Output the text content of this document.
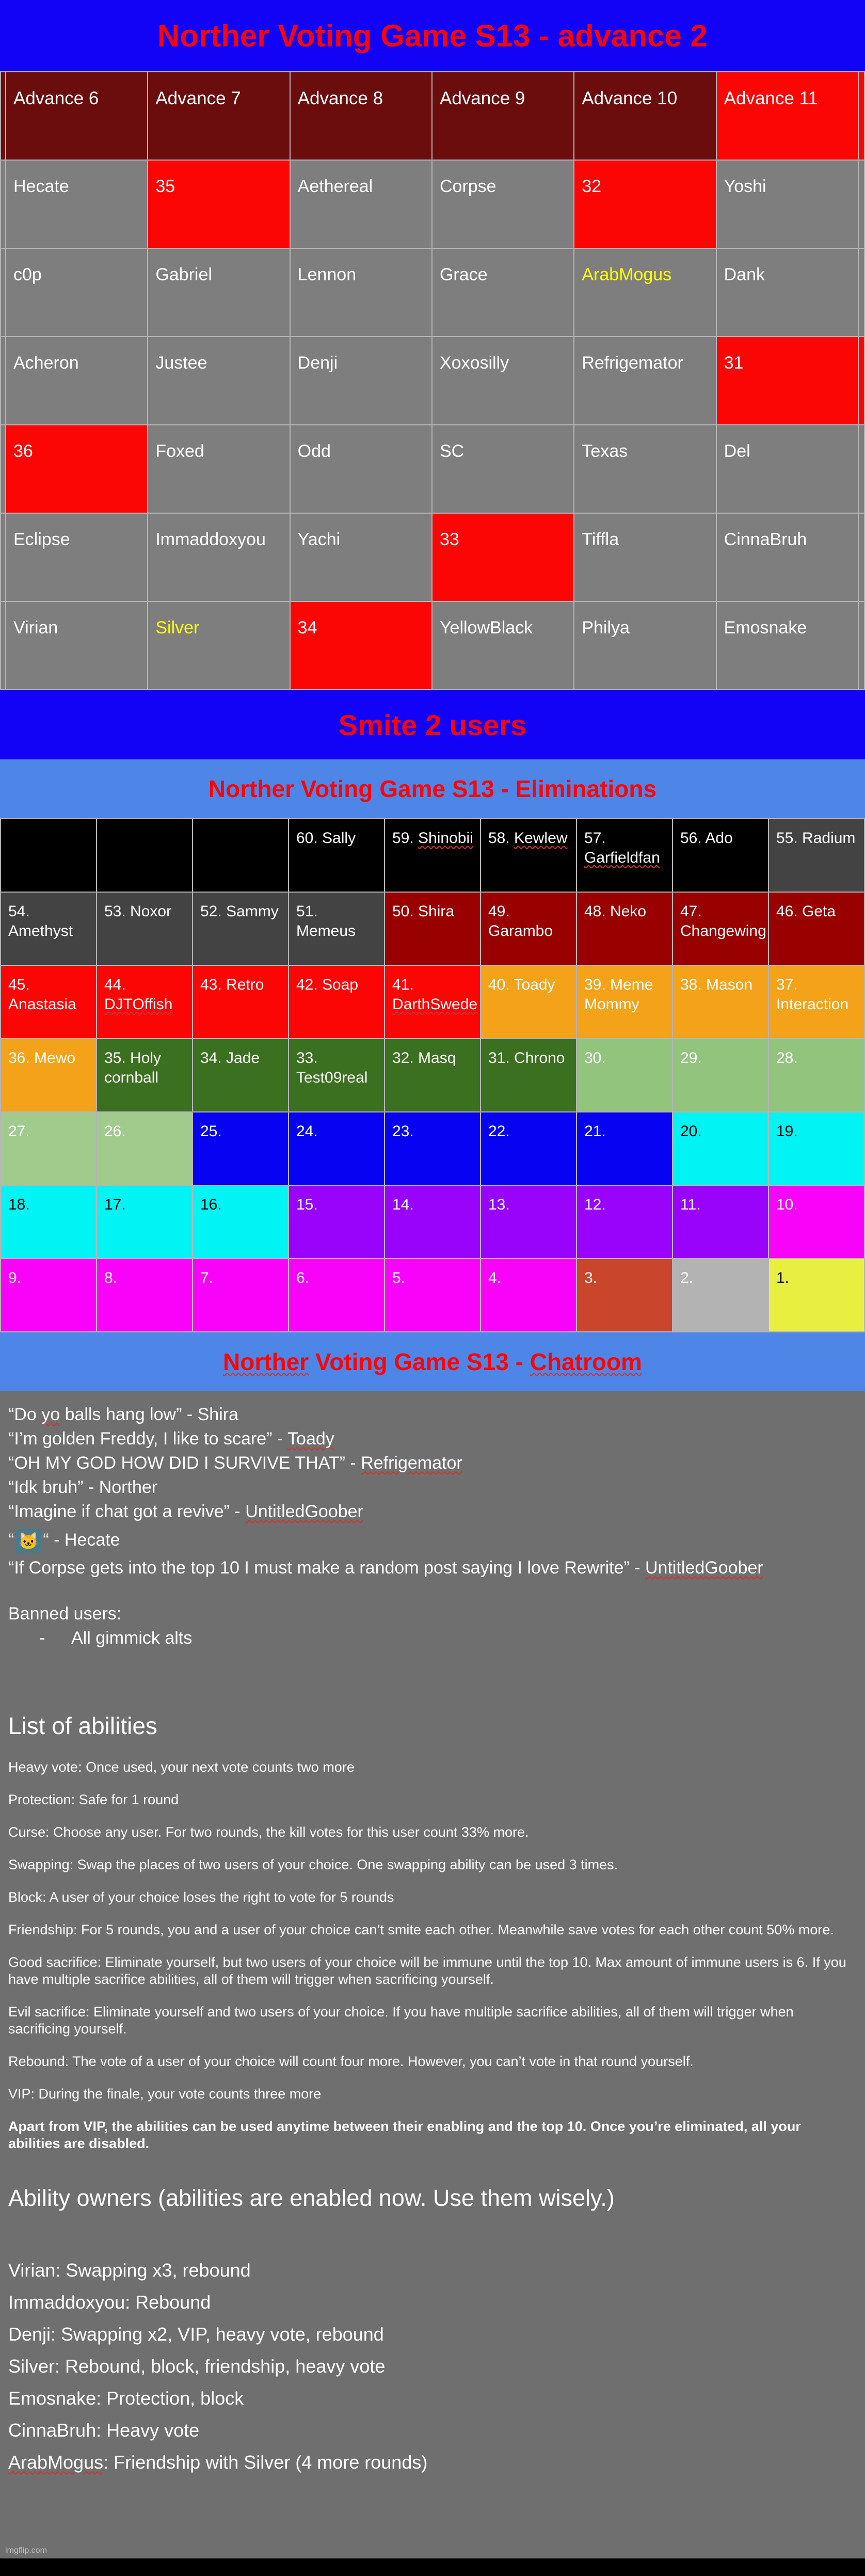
Norther Voting Game S13 - advance 2
	Advance 6	Advance 7	Advance 8	Advance 9	Advance 10	Advance 11	
	Hecate	35	Aethereal	Corpse	32	Yoshi	
	c0p	Gabriel	Lennon	Grace	ArabMogus	Dank	
	Acheron	Justee	Denji	Xoxosilly	Refrigemator	31	
	36	Foxed	Odd	SC	Texas	Del	
	Eclipse	Immaddoxyou	Yachi	33	Tiffla	CinnaBruh	
	Virian	Silver	34	YellowBlack	Philya	Emosnake	
Smite 2 users
Norther Voting Game S13 - Eliminations
			60. Sally	59. Shinobii	58. Kewlew	57. Garfieldfan	56. Ado	55. Radium
54. Amethyst	53. Noxor	52. Sammy	51. Memeus	50. Shira	49. Garambo	48. Neko	47. Changewing	46. Geta
45. Anastasia	44. DJTOffish	43. Retro	42. Soap	41. DarthSwede	40. Toady	39. Meme Mommy	38. Mason	37. Interaction
36. Mewo	35. Holy cornball	34. Jade	33. Test09real	32. Masq	31. Chrono	30.	29.	28.
27.	26.	25.	24.	23.	22.	21.	20.	19.
18.	17.	16.	15.	14.	13.	12.	11.	10.
9.	8.	7.	6.	5.	4.	3.	2.	1.
Norther Voting Game S13 - Chatroom
“Do yo balls hang low” - Shira
“I’m golden Freddy, I like to scare” - Toady
“OH MY GOD HOW DID I SURVIVE THAT” - Refrigemator
“Idk bruh” - Norther
“Imagine if chat got a revive” - UntitledGoober
“ 🐱 “ - Hecate
“If Corpse gets into the top 10 I must make a random post saying I love Rewrite” - UntitledGoober
Banned users:
- All gimmick alts
List of abilities
Heavy vote: Once used, your next vote counts two more
Protection: Safe for 1 round
Curse: Choose any user. For two rounds, the kill votes for this user count 33% more.
Swapping: Swap the places of two users of your choice. One swapping ability can be used 3 times.
Block: A user of your choice loses the right to vote for 5 rounds
Friendship: For 5 rounds, you and a user of your choice can’t smite each other. Meanwhile save votes for each other count 50% more.
Good sacrifice: Eliminate yourself, but two users of your choice will be immune until the top 10. Max amount of immune users is 6. If you have multiple sacrifice abilities, all of them will trigger when sacrificing yourself.
Evil sacrifice: Eliminate yourself and two users of your choice. If you have multiple sacrifice abilities, all of them will trigger when sacrificing yourself.
Rebound: The vote of a user of your choice will count four more. However, you can’t vote in that round yourself.
VIP: During the finale, your vote counts three more
Apart from VIP, the abilities can be used anytime between their enabling and the top 10. Once you’re eliminated, all your abilities are disabled.
Ability owners (abilities are enabled now. Use them wisely.)
Virian: Swapping x3, rebound
Immaddoxyou: Rebound
Denji: Swapping x2, VIP, heavy vote, rebound
Silver: Rebound, block, friendship, heavy vote
Emosnake: Protection, block
CinnaBruh: Heavy vote
ArabMogus: Friendship with Silver (4 more rounds)
imgflip.com
